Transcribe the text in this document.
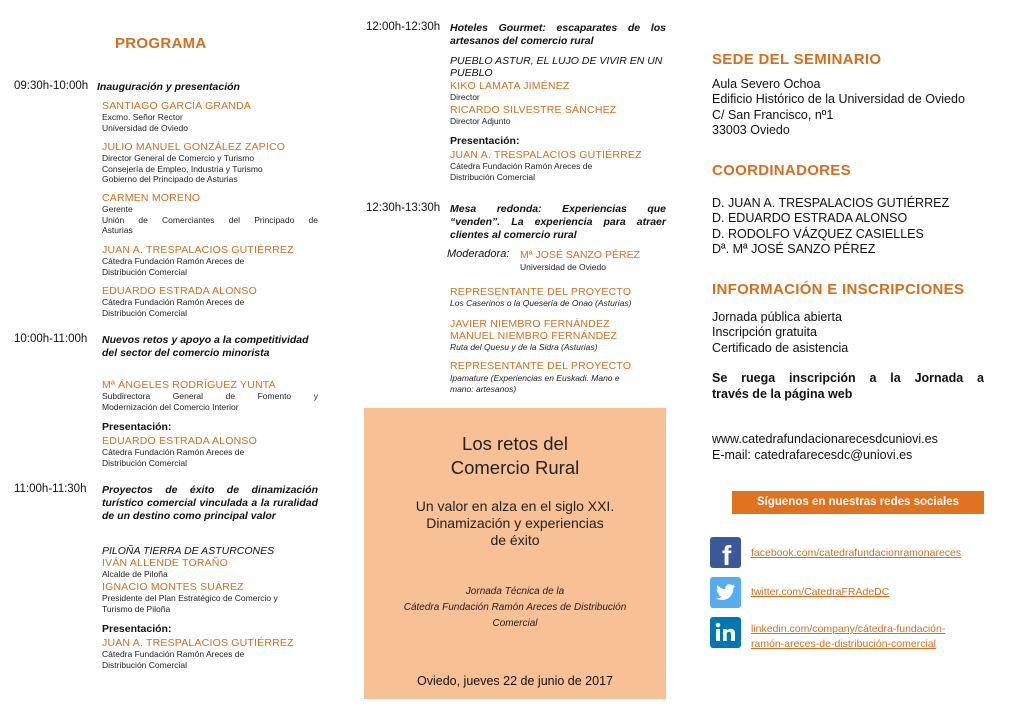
PROGRAMA
09:30h-10:00h Inauguración y presentación
SANTIAGO GARCÍA GRANDA
Excmo. Señor Rector
Universidad de Oviedo
JULIO MANUEL GONZÁLEZ ZAPICO
Director General de Comercio y Turismo
Consejería de Empleo, Industria y Turismo
Gobierno del Principado de Asturias
CARMEN MORENO
Gerente
Unión de Comerciantes del Principado de
Asturias
JUAN A. TRESPALACIOS GUTIÉRREZ
Cátedra Fundación Ramón Areces de
Distribución Comercial
EDUARDO ESTRADA ALONSO
Cátedra Fundación Ramón Areces de
Distribución Comercial
10:00h-11:00h Nuevos retos y apoyo a la competitividad del sector del comercio minorista
Mª ÁNGELES RODRÍGUEZ YUNTA
Subdirectora General de Fomento y
Modernización del Comercio Interior
Presentación:
EDUARDO ESTRADA ALONSO
Cátedra Fundación Ramón Areces de
Distribución Comercial
11:00h-11:30h Proyectos de éxito de dinamización turístico comercial vinculada a la ruralidad de un destino como principal valor
PILOÑA TIERRA DE ASTURCONES
IVÁN ALLENDE TORAÑO
Alcalde de Piloña
IGNACIO MONTES SUÁREZ
Presidente del Plan Estratégico de Comercio y
Turismo de Piloña
Presentación:
JUAN A. TRESPALACIOS GUTIÉRREZ
Cátedra Fundación Ramón Areces de
Distribución Comercial
12:00h-12:30h Hoteles Gourmet: escaparates de los artesanos del comercio rural
PUEBLO ASTUR, EL LUJO DE VIVIR EN UN PUEBLO
KIKO LAMATA JIMÉNEZ
Director
RICARDO SILVESTRE SÁNCHEZ
Director Adjunto
Presentación:
JUAN A. TRESPALACIOS GUTIÉRREZ
Cátedra Fundación Ramón Areces de
Distribución Comercial
12:30h-13:30h Mesa redonda: Experiencias que “venden”. La experiencia para atraer clientes al comercio rural
Moderadora: Mª JOSÉ SANZO PÉREZ
Universidad de Oviedo
REPRESENTANTE DEL PROYECTO
Los Caserinos o la Quesería de Onao (Asturias)
JAVIER NIEMBRO FERNÁNDEZ
MANUEL NIEMBRO FERNÁNDEZ
Ruta del Quesu y de la Sidra (Asturias)
REPRESENTANTE DEL PROYECTO
Ipamature (Experiencias en Euskadi. Mano e
mano: artesanos)
Los retos del
Comercio Rural
Un valor en alza en el siglo XXI.
Dinamización y experiencias
de éxito
Jornada Técnica de la
Cátedra Fundación Ramón Areces de Distribución
Comercial
Oviedo, jueves 22 de junio de 2017
SEDE DEL SEMINARIO
Aula Severo Ochoa
Edificio Histórico de la Universidad de Oviedo
C/ San Francisco, nº1
33003 Oviedo
COORDINADORES
D. JUAN A. TRESPALACIOS GUTIÉRREZ
D. EDUARDO ESTRADA ALONSO
D. RODOLFO VÁZQUEZ CASIELLES
Dª. Mª JOSÉ SANZO PÉREZ
INFORMACIÓN E INSCRIPCIONES
Jornada pública abierta
Inscripción gratuita
Certificado de asistencia
Se ruega inscripción a la Jornada a
través de la página web
www.catedrafundacionarecesdcuniovi.es
E-mail: catedrafarecesdc@uniovi.es
Síguenos en nuestras redes sociales
f facebook.com/catedrafundacionramonareces
twitter.com/CatedraFRAdeDC
linkedin.com/company/cátedra-fundación-
ramón-areces-de-distribución-comercial
